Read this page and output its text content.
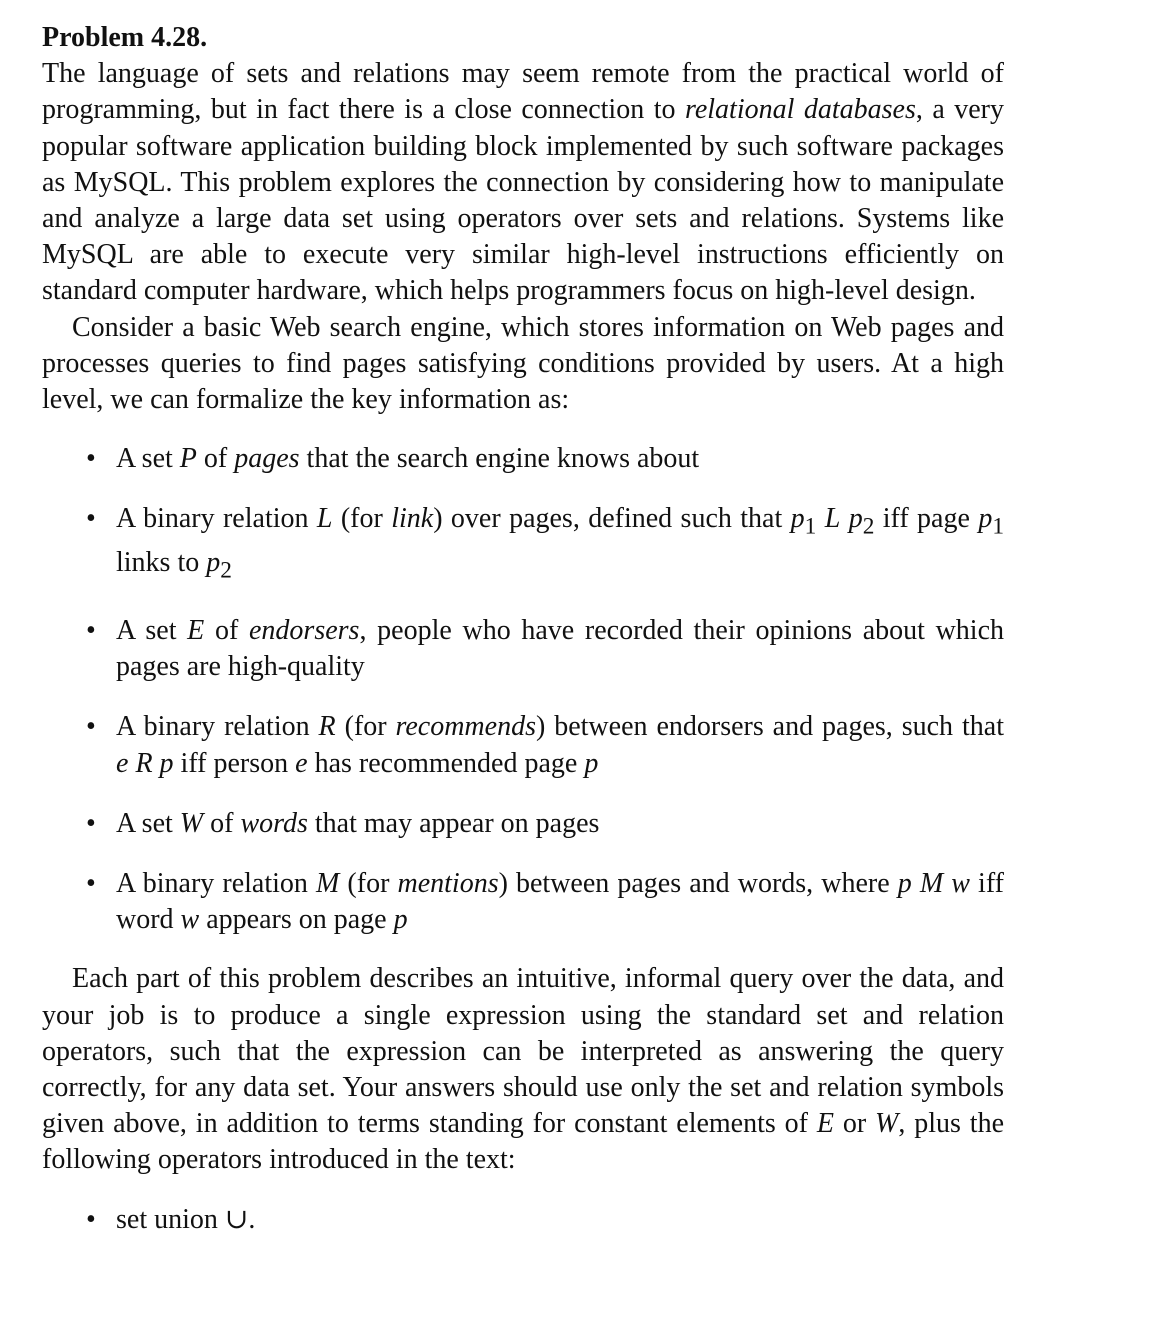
Problem 4.28.

The language of sets and relations may seem remote from the practical world of programming, but in fact there is a close connection to relational databases, a very popular software application building block implemented by such software packages as MySQL. This problem explores the connection by considering how to manipulate and analyze a large data set using operators over sets and relations. Systems like MySQL are able to execute very similar high-level instructions efficiently on standard computer hardware, which helps programmers focus on high-level design.

Consider a basic Web search engine, which stores information on Web pages and processes queries to find pages satisfying conditions provided by users. At a high level, we can formalize the key information as:

• A set P of pages that the search engine knows about
• A binary relation L (for link) over pages, defined such that $p_1$ L $p_2$ iff page $p_1$ links to $p_2$
• A set E of endorsers, people who have recorded their opinions about which pages are high-quality
• A binary relation R (for recommends) between endorsers and pages, such that e R p iff person e has recommended page p
• A set W of words that may appear on pages
• A binary relation M (for mentions) between pages and words, where p M w iff word w appears on page p

Each part of this problem describes an intuitive, informal query over the data, and your job is to produce a single expression using the standard set and relation operators, such that the expression can be interpreted as answering the query correctly, for any data set. Your answers should use only the set and relation symbols given above, in addition to terms standing for constant elements of E or W, plus the following operators introduced in the text:

• set union ∪.
